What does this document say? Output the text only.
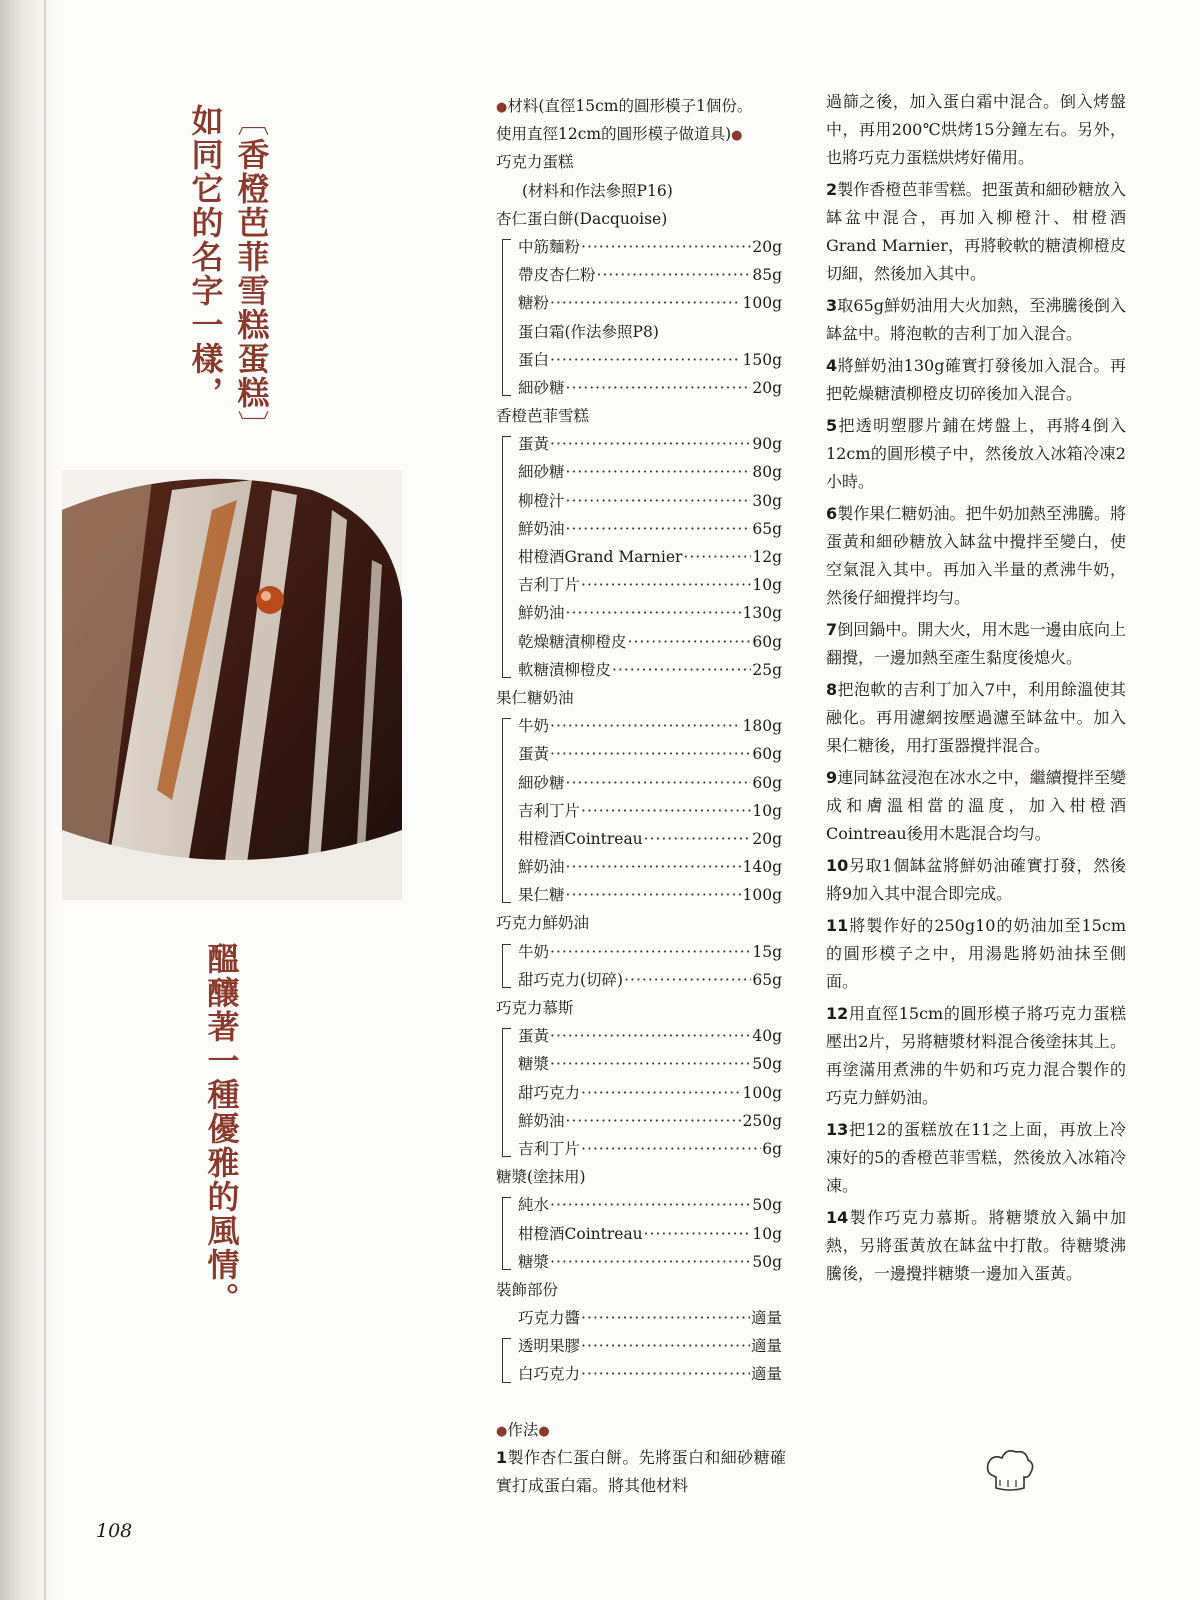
〔香橙芭菲雪糕蛋糕〕
如同它的名字一樣，
醞釀著一種優雅的風情。
●材料(直徑15cm的圓形模子1個份。
使用直徑12cm的圓形模子做道具)●
巧克力蛋糕
(材料和作法參照P16)
杏仁蛋白餅(Dacquoise)
中筋麵粉 ·····	20g
帶皮杏仁粉 ·····	85g
糖粉 ·····	100g
蛋白霜(作法參照P8)
蛋白 ·····	150g
細砂糖 ·····	20g
香橙芭菲雪糕
蛋黃 ·····	90g
細砂糖 ·····	80g
柳橙汁 ·····	30g
鮮奶油 ·····	65g
柑橙酒Grand Marnier ·····	12g
吉利丁片 ·····	10g
鮮奶油 ·····	130g
乾燥糖漬柳橙皮 ·····	60g
軟糖漬柳橙皮 ·····	25g
果仁糖奶油
牛奶 ·····	180g
蛋黃 ·····	60g
細砂糖 ·····	60g
吉利丁片 ·····	10g
柑橙酒Cointreau ·····	20g
鮮奶油 ·····	140g
果仁糖 ·····	100g
巧克力鮮奶油
牛奶 ·····	15g
甜巧克力(切碎) ·····	65g
巧克力慕斯
蛋黃 ·····	40g
糖漿 ·····	50g
甜巧克力 ·····	100g
鮮奶油 ·····	250g
吉利丁片 ·····	6g
糖漿(塗抹用)
純水 ·····	50g
柑橙酒Cointreau ·····	10g
糖漿 ·····	50g
裝飾部份
巧克力醬 ·····	適量
透明果膠 ·····	適量
白巧克力 ·····	適量
●作法●

1製作杏仁蛋白餅。先將蛋白和細砂糖確實打成蛋白霜。將其他材料

過篩之後，加入蛋白霜中混合。倒入烤盤中，再用200℃烘烤15分鐘左右。另外，也將巧克力蛋糕烘烤好備用。

2製作香橙芭菲雪糕。把蛋黃和細砂糖放入缽盆中混合，再加入柳橙汁、柑橙酒Grand Marnier，再將較軟的糖漬柳橙皮切細，然後加入其中。

3取65g鮮奶油用大火加熱，至沸騰後倒入缽盆中。將泡軟的吉利丁加入混合。

4將鮮奶油130g確實打發後加入混合。再把乾燥糖漬柳橙皮切碎後加入混合。

5把透明塑膠片鋪在烤盤上，再將4倒入12cm的圓形模子中，然後放入冰箱冷凍2小時。

6製作果仁糖奶油。把牛奶加熱至沸騰。將蛋黃和細砂糖放入缽盆中攪拌至變白，使空氣混入其中。再加入半量的煮沸牛奶，然後仔細攪拌均勻。

7倒回鍋中。開大火，用木匙一邊由底向上翻攪，一邊加熱至產生黏度後熄火。

8把泡軟的吉利丁加入7中，利用餘溫使其融化。再用濾網按壓過濾至缽盆中。加入果仁糖後，用打蛋器攪拌混合。

9連同缽盆浸泡在冰水之中，繼續攪拌至變成和膚溫相當的溫度，加入柑橙酒Cointreau後用木匙混合均勻。

10另取1個缽盆將鮮奶油確實打發，然後將9加入其中混合即完成。

11將製作好的250g10的奶油加至15cm的圓形模子之中，用湯匙將奶油抹至側面。

12用直徑15cm的圓形模子將巧克力蛋糕壓出2片，另將糖漿材料混合後塗抹其上。再塗滿用煮沸的牛奶和巧克力混合製作的巧克力鮮奶油。

13把12的蛋糕放在11之上面，再放上冷凍好的5的香橙芭菲雪糕，然後放入冰箱冷凍。

14製作巧克力慕斯。將糖漿放入鍋中加熱，另將蛋黃放在缽盆中打散。待糖漿沸騰後，一邊攪拌糖漿一邊加入蛋黃。

108
